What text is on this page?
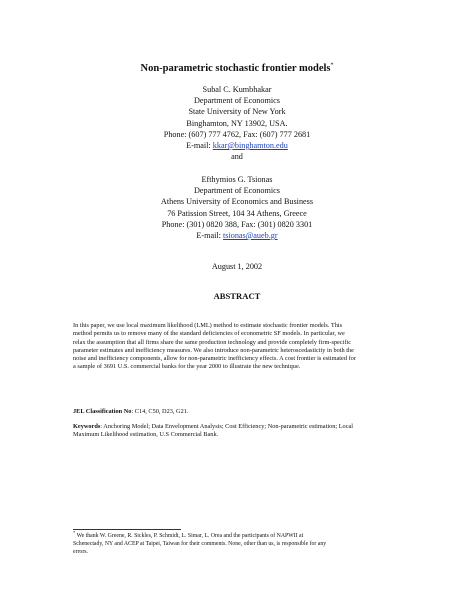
Non-parametric stochastic frontier models*
Subal C. Kumbhakar
Department of Economics
State University of New York
Binghamton, NY 13902, USA.
Phone: (607) 777 4762, Fax: (607) 777 2681
E-mail: kkar@binghamton.edu
and
Efthymios G. Tsionas
Department of Economics
Athens University of Economics and Business
76 Patission Street, 104 34 Athens, Greece
Phone: (301) 0820 388, Fax: (301) 0820 3301
E-mail: tsionas@aueb.gr
August 1, 2002
ABSTRACT
In this paper, we use local maximum likelihood (LML) method to estimate stochastic frontier models. This
method permits us to remove many of the standard deficiencies of econometric SF models. In particular, we
relax the assumption that all firms share the same production technology and provide completely firm-specific
parameter estimates and inefficiency measures. We also introduce non-parametric heteroscedasticity in both the
noise and inefficiency components, allow for non-parametric inefficiency effects. A cost frontier is estimated for
a sample of 3691 U.S. commercial banks for the year 2000 to illustrate the new technique.
JEL Classification No: C14, C50, D23, G21.
Keywords: Anchoring Model; Data Envelopment Analysis; Cost Efficiency; Non-parametric estimation; Local
Maximum Likelihood estimation, U.S Commercial Bank.
* We thank W. Greene, R. Sickles, P. Schmidt, L. Simar, L. Orea and the participants of NAPWII at
Schenectady, NY and ACEP at Taipei, Taiwan for their comments. None, other than us, is responsible for any
errors.
